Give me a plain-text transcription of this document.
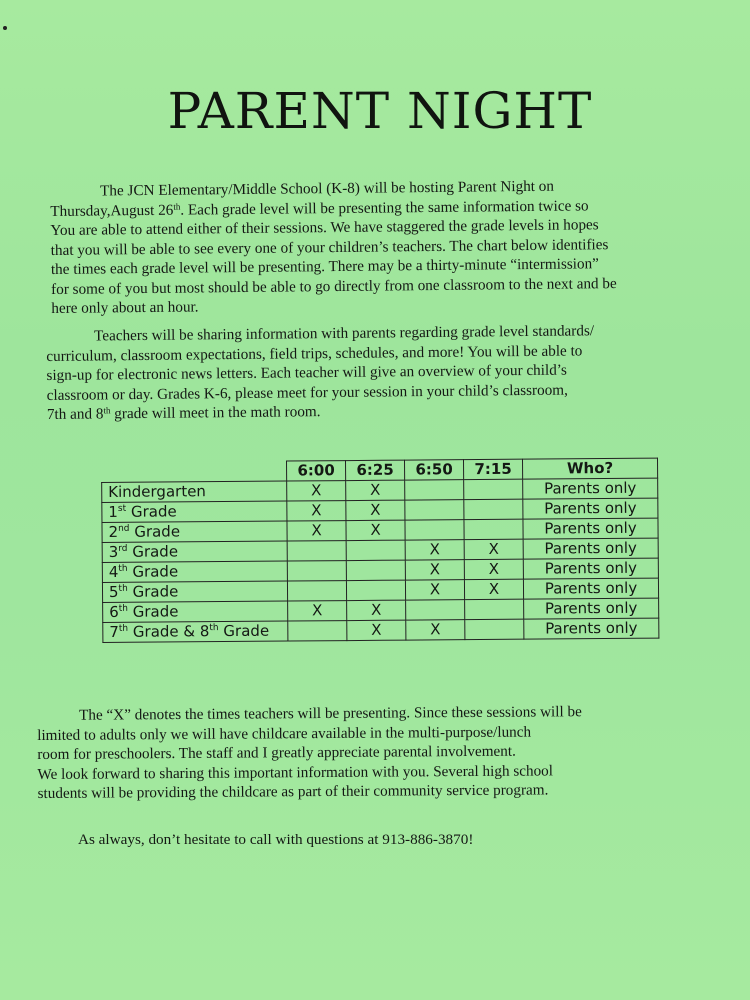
PARENT NIGHT
The JCN Elementary/Middle School (K-8) will be hosting Parent Night on
Thursday,August 26th. Each grade level will be presenting the same information twice so
You are able to attend either of their sessions. We have staggered the grade levels in hopes
that you will be able to see every one of your children’s teachers. The chart below identifies
the times each grade level will be presenting. There may be a thirty-minute “intermission”
for some of you but most should be able to go directly from one classroom to the next and be
here only about an hour.
Teachers will be sharing information with parents regarding grade level standards/
curriculum, classroom expectations, field trips, schedules, and more! You will be able to
sign-up for electronic news letters. Each teacher will give an overview of your child’s
classroom or day. Grades K-6, please meet for your session in your child’s classroom,
7th and 8th grade will meet in the math room.
	6:00	6:25	6:50	7:15	Who?
Kindergarten	X	X			Parents only
1st Grade	X	X			Parents only
2nd Grade	X	X			Parents only
3rd Grade			X	X	Parents only
4th Grade			X	X	Parents only
5th Grade			X	X	Parents only
6th Grade	X	X			Parents only
7th Grade & 8th Grade		X	X		Parents only
The “X” denotes the times teachers will be presenting. Since these sessions will be
limited to adults only we will have childcare available in the multi-purpose/lunch
room for preschoolers. The staff and I greatly appreciate parental involvement.
We look forward to sharing this important information with you. Several high school
students will be providing the childcare as part of their community service program.
As always, don’t hesitate to call with questions at 913-886-3870!
